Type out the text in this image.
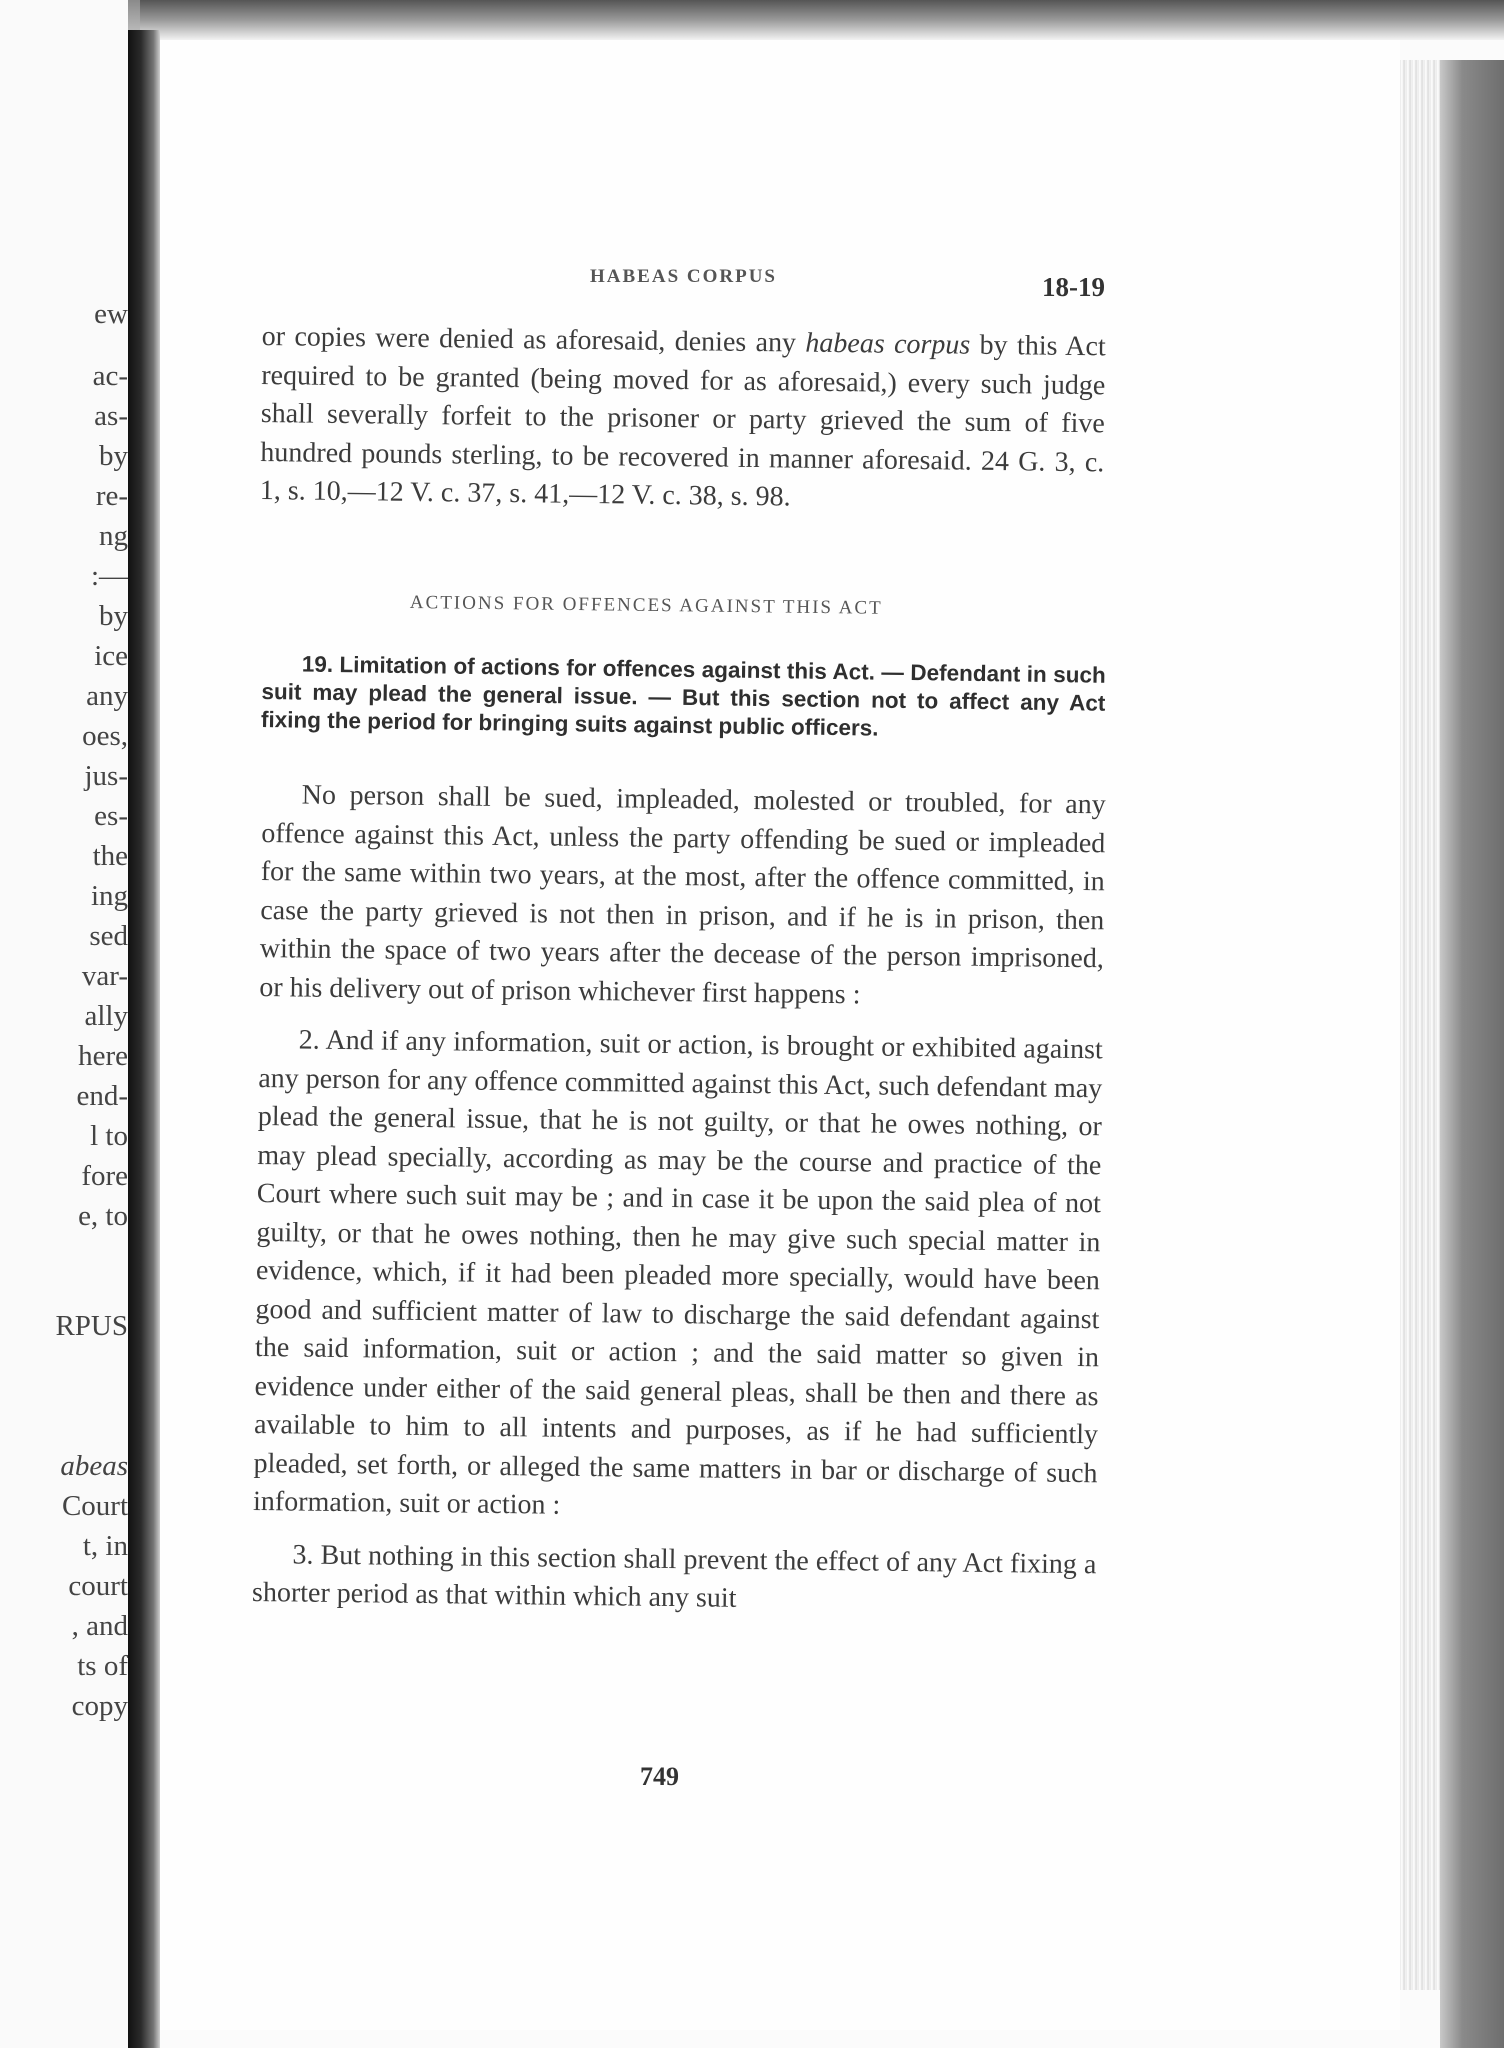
ew
ac-
as-
by
re-
ng
:—
by
ice
any
oes,
jus-
es-
the
ing
sed
var-
ally
here
end-
l to
fore
e, to
RPUS
abeas
Court
t, in
court
, and
ts of
copy
HABEAS CORPUS	18-19

or copies were denied as aforesaid, denies any habeas corpus by this Act required to be granted (being moved for as aforesaid,) every such judge shall severally forfeit to the prisoner or party grieved the sum of five hundred pounds sterling, to be recovered in manner aforesaid. 24 G. 3, c. 1, s. 10,—12 V. c. 37, s. 41,—12 V. c. 38, s. 98.

ACTIONS FOR OFFENCES AGAINST THIS ACT
19. Limitation of actions for offences against this Act. — Defendant in such suit may plead the general issue. — But this section not to affect any Act fixing the period for bringing suits against public officers.

No person shall be sued, impleaded, molested or troubled, for any offence against this Act, unless the party offending be sued or impleaded for the same within two years, at the most, after the offence committed, in case the party grieved is not then in prison, and if he is in prison, then within the space of two years after the decease of the person imprisoned, or his delivery out of prison whichever first happens :

2. And if any information, suit or action, is brought or exhibited against any person for any offence committed against this Act, such defendant may plead the general issue, that he is not guilty, or that he owes nothing, or may plead specially, according as may be the course and practice of the Court where such suit may be ; and in case it be upon the said plea of not guilty, or that he owes nothing, then he may give such special matter in evidence, which, if it had been pleaded more specially, would have been good and sufficient matter of law to discharge the said defendant against the said information, suit or action ; and the said matter so given in evidence under either of the said general pleas, shall be then and there as available to him to all intents and purposes, as if he had sufficiently pleaded, set forth, or alleged the same matters in bar or discharge of such information, suit or action :

3. But nothing in this section shall prevent the effect of any Act fixing a shorter period as that within which any suit

749
